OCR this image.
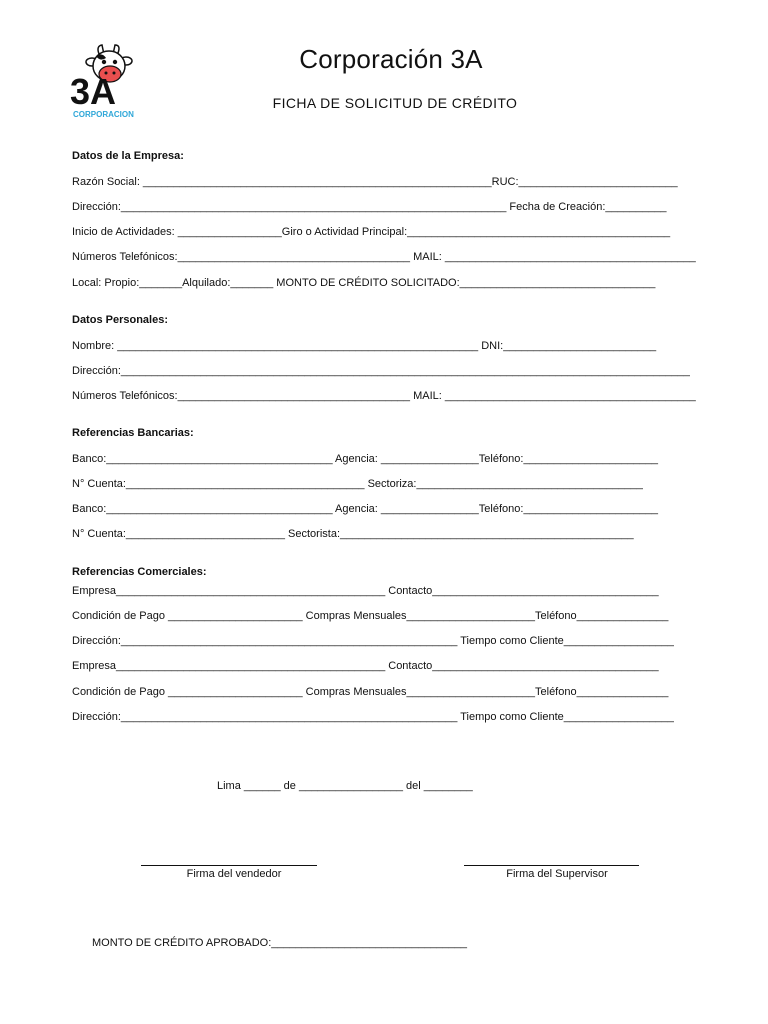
3A
CORPORACION
Corporación 3A
FICHA DE SOLICITUD DE CRÉDITO
Datos de la Empresa:
Razón Social: _________________________________________________________RUC:__________________________
Dirección:_______________________________________________________________ Fecha de Creación:__________
Inicio de Actividades: _________________Giro o Actividad Principal:___________________________________________
Números Telefónicos:______________________________________ MAIL: _________________________________________
Local: Propio:_______Alquilado:_______ MONTO DE CRÉDITO SOLICITADO:________________________________
Datos Personales:
Nombre: ___________________________________________________________ DNI:_________________________
Dirección:_____________________________________________________________________________________________
Números Telefónicos:______________________________________ MAIL: _________________________________________
Referencias Bancarias:
Banco:_____________________________________ Agencia: ________________Teléfono:______________________
N° Cuenta:_______________________________________ Sectoriza:_____________________________________
Banco:_____________________________________ Agencia: ________________Teléfono:______________________
N° Cuenta:__________________________ Sectorista:________________________________________________
Referencias Comerciales:
Empresa____________________________________________ Contacto_____________________________________
Condición de Pago ______________________ Compras Mensuales_____________________Teléfono_______________
Dirección:_______________________________________________________ Tiempo como Cliente__________________
Empresa____________________________________________ Contacto_____________________________________
Condición de Pago ______________________ Compras Mensuales_____________________Teléfono_______________
Dirección:_______________________________________________________ Tiempo como Cliente__________________
Lima ______ de _________________ del ________
Firma del vendedor	Firma del Supervisor
MONTO DE CRÉDITO APROBADO:________________________________
